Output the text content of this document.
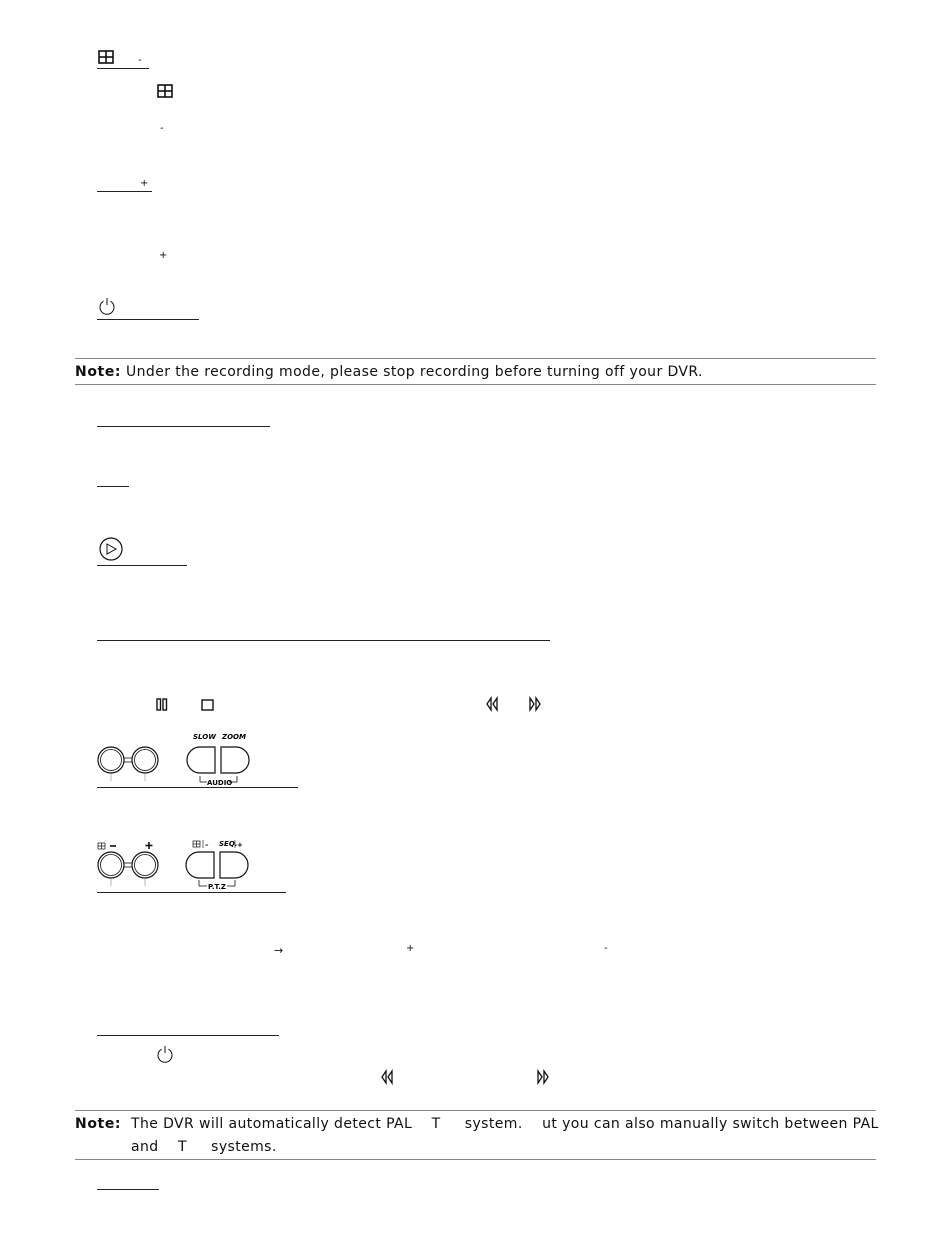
-
-
+
+
Note: Under the recording mode, please stop recording before turning off your DVR.
SLOW ZOOM
AUDIO
– SEQ. +
P.T.Z
→	+	-
Note: The DVR will automatically detect PAL    T     system.    ut you can also manually switch between PAL
and    T     systems.
